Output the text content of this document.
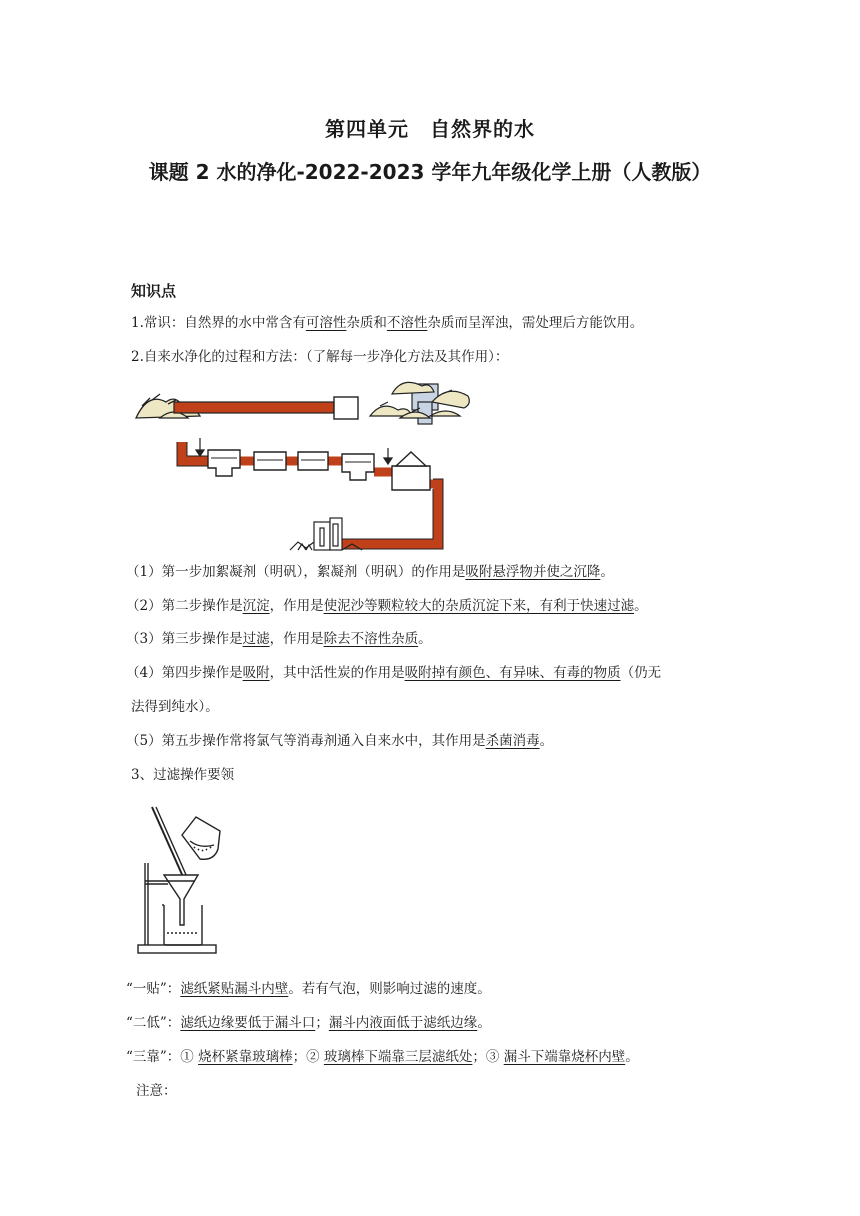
第四单元　自然界的水
课题 2 水的净化-2022-2023 学年九年级化学上册（人教版）
知识点
1.常识：自然界的水中常含有可溶性杂质和不溶性杂质而呈浑浊，需处理后方能饮用。
2.自来水净化的过程和方法：（了解每一步净化方法及其作用）：
（1）第一步加絮凝剂（明矾），絮凝剂（明矾）的作用是吸附悬浮物并使之沉降。
（2）第二步操作是沉淀，作用是使泥沙等颗粒较大的杂质沉淀下来，有利于快速过滤。
（3）第三步操作是过滤，作用是除去不溶性杂质。
（4）第四步操作是吸附，其中活性炭的作用是吸附掉有颜色、有异味、有毒的物质（仍无
法得到纯水）。
（5）第五步操作常将氯气等消毒剂通入自来水中，其作用是杀菌消毒。
3、过滤操作要领
“一贴”：滤纸紧贴漏斗内壁。若有气泡，则影响过滤的速度。
“二低”：滤纸边缘要低于漏斗口；漏斗内液面低于滤纸边缘。
“三靠”：① 烧杯紧靠玻璃棒；② 玻璃棒下端靠三层滤纸处；③ 漏斗下端靠烧杯内壁。
注意：
